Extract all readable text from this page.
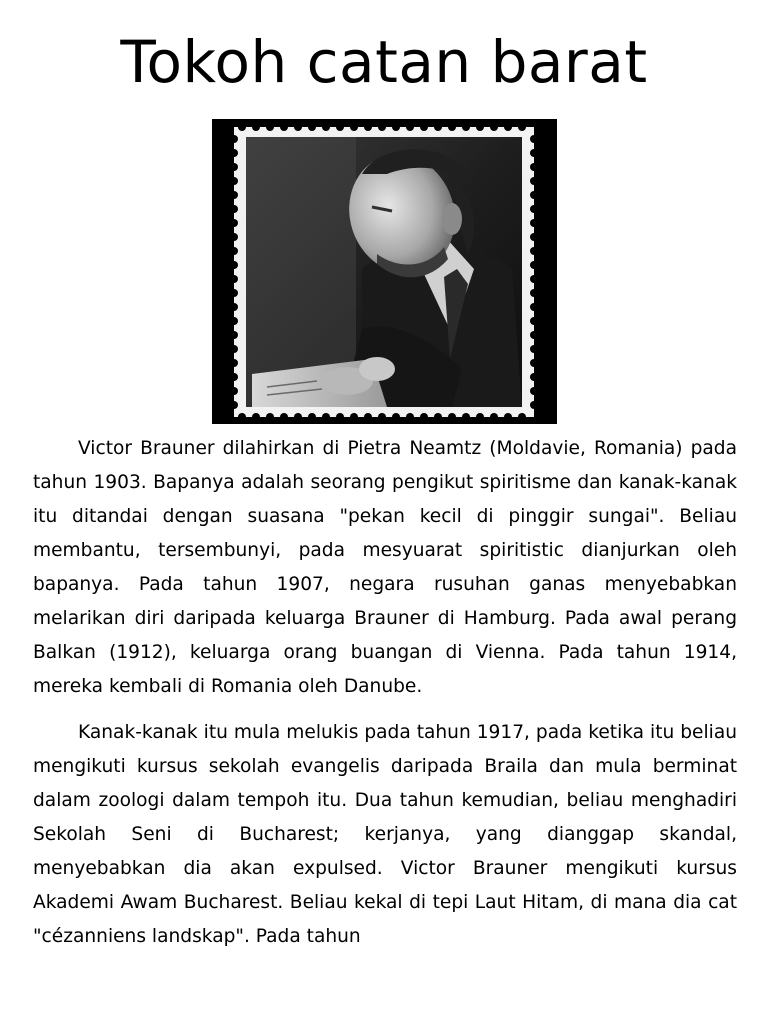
Tokoh catan barat

Victor Brauner dilahirkan di Pietra Neamtz (Moldavie, Romania) pada tahun 1903. Bapanya adalah seorang pengikut spiritisme dan kanak-kanak itu ditandai dengan suasana "pekan kecil di pinggir sungai". Beliau membantu, tersembunyi, pada mesyuarat spiritistic dianjurkan oleh bapanya. Pada tahun 1907, negara rusuhan ganas menyebabkan melarikan diri daripada keluarga Brauner di Hamburg. Pada awal perang Balkan (1912), keluarga orang buangan di Vienna. Pada tahun 1914, mereka kembali di Romania oleh Danube.

Kanak-kanak itu mula melukis pada tahun 1917, pada ketika itu beliau mengikuti kursus sekolah evangelis daripada Braila dan mula berminat dalam zoologi dalam tempoh itu. Dua tahun kemudian, beliau menghadiri Sekolah Seni di Bucharest; kerjanya, yang dianggap skandal, menyebabkan dia akan expulsed. Victor Brauner mengikuti kursus Akademi Awam Bucharest. Beliau kekal di tepi Laut Hitam, di mana dia cat "cézanniens landskap". Pada tahun
